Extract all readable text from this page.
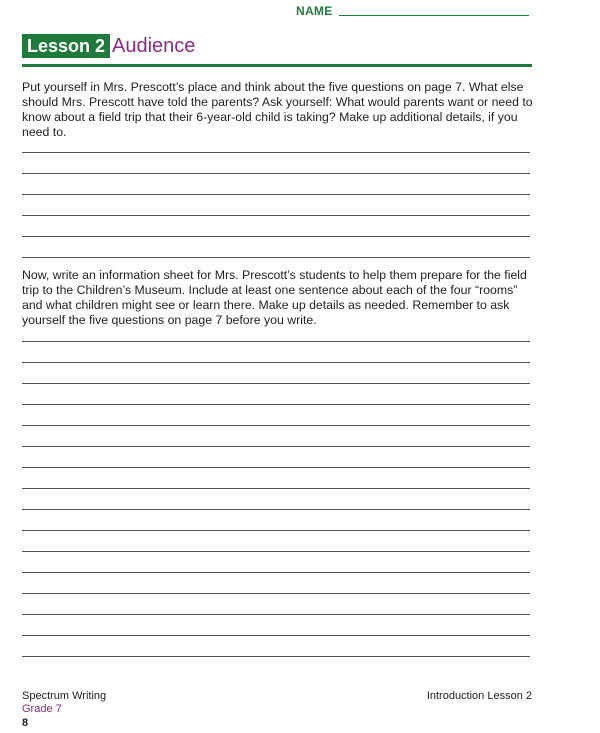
NAME
Lesson 2 Audience

Put yourself in Mrs. Prescott’s place and think about the five questions on page 7. What else should Mrs. Prescott have told the parents? Ask yourself: What would parents want or need to know about a field trip that their 6-year-old child is taking? Make up additional details, if you need to.

Now, write an information sheet for Mrs. Prescott’s students to help them prepare for the field trip to the Children’s Museum. Include at least one sentence about each of the four “rooms” and what children might see or learn there. Make up details as needed. Remember to ask yourself the five questions on page 7 before you write.

Spectrum Writing
Grade 7
8
Introduction Lesson 2
